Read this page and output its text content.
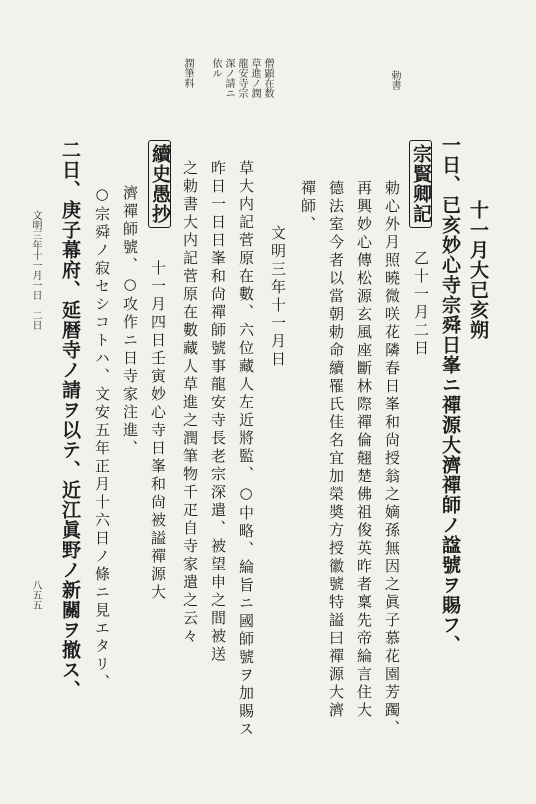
勅書
僧顕在数
草進ノ潤
龍安寺宗
深ノ請ニ
依ル
潤筆料
十一月大已亥朔
一日、已亥妙心寺宗舜日峯ニ禪源大濟禪師ノ諡號ヲ賜フ、
宗賢卿記
乙十一月二日
勅心外月照曉微咲花隣春日峯和尙授翁之嫡孫無因之眞子慕花園芳躅、
再興妙心傳松源玄風座斷林際禪倫翹楚佛祖俊英昨者稟先帝綸言住大
德法室今者以當朝勅命續罹氏佳名宜加榮奬方授徽號特謚曰禪源大濟
禪師、
文明三年十一月日
草大内記菅原在數、六位藏人左近將監、○中略、綸旨ニ國師號ヲ加賜ス
昨日一日日峯和尙禪師號事龍安寺長老宗深遣、被望申之間被送
之勅書大内記菅原在數藏人草進之潤筆物千疋自寺家遣之云々
續史愚抄
十一月四日壬寅妙心寺日峯和尙被謚禪源大
濟禪師號、○攻作ニ日寺家注進、
○宗舜ノ寂セシコトハ、文安五年正月十六日ノ條ニ見エタリ、
二日、庚子幕府、延暦寺ノ請ヲ以テ、近江眞野ノ新關ヲ撤ス、
文明三年十一月一日　二日
八五五
